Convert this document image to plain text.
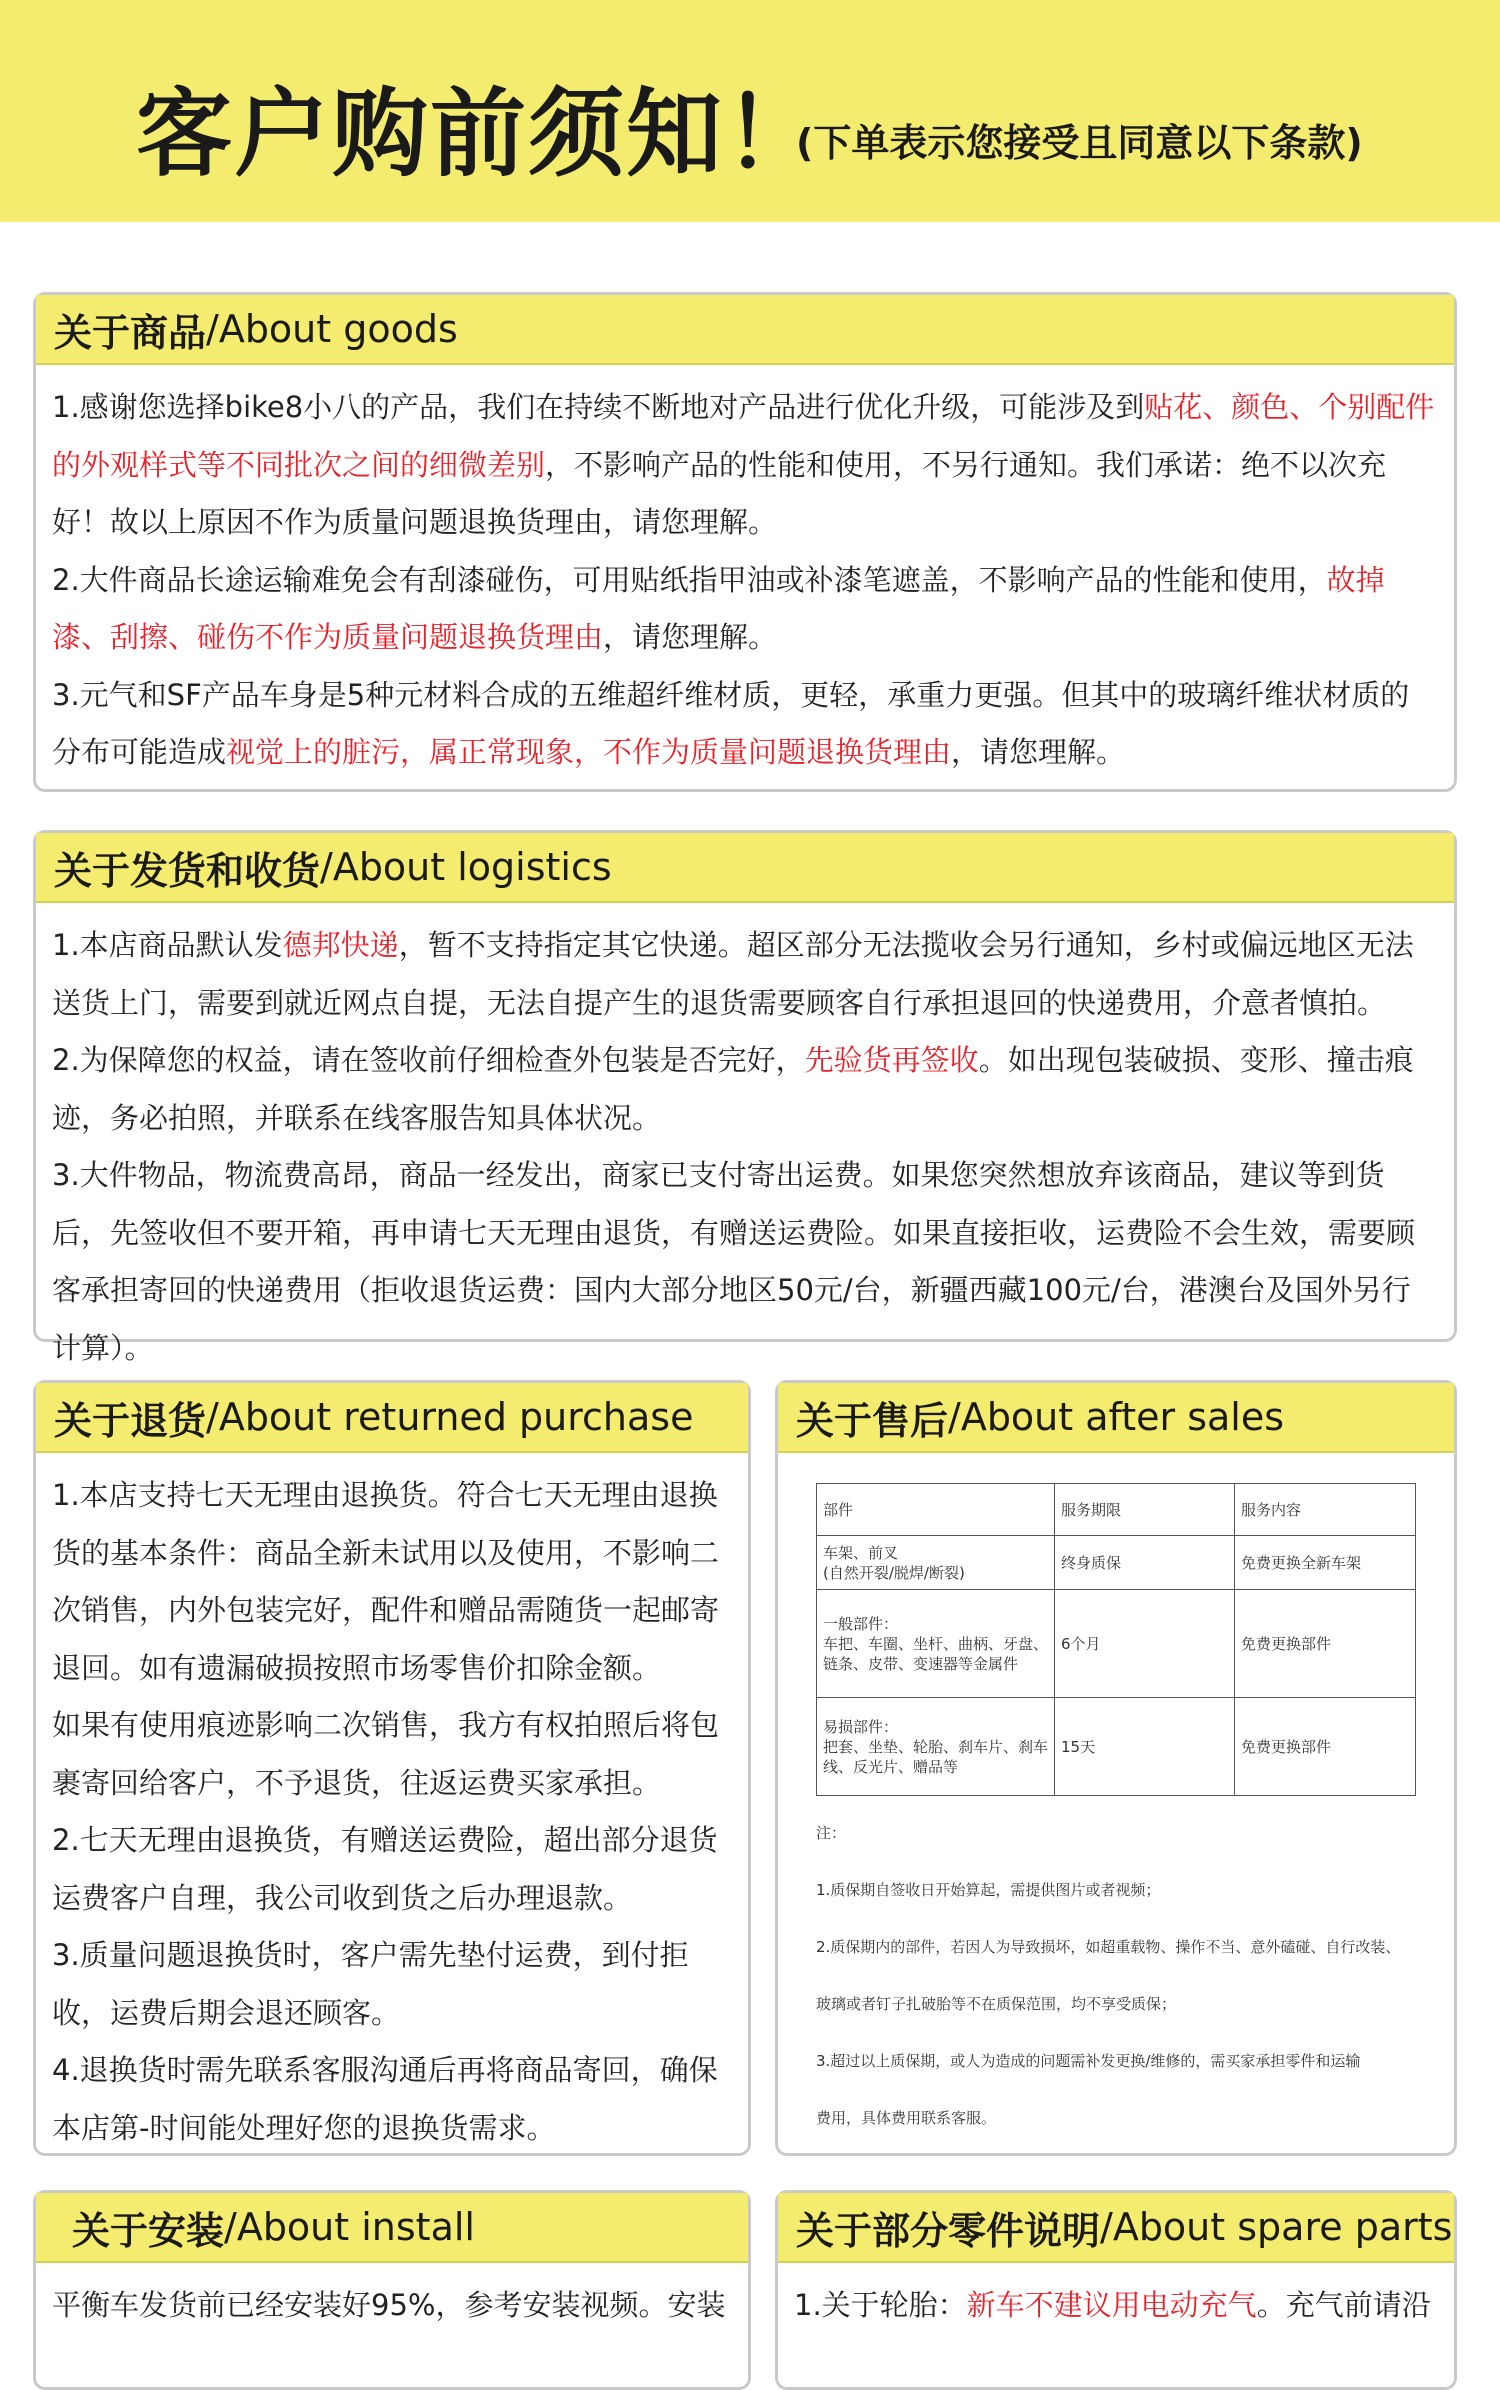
客户购前须知！
(下单表示您接受且同意以下条款)
关于商品 /About goods

1.感谢您选择bike8小八的产品，我们在持续不断地对产品进行优化升级，可能涉及到贴花、颜色、个别配件的外观样式等不同批次之间的细微差别，不影响产品的性能和使用，不另行通知。我们承诺：绝不以次充好！故以上原因不作为质量问题退换货理由，请您理解。

2.大件商品长途运输难免会有刮漆碰伤，可用贴纸指甲油或补漆笔遮盖，不影响产品的性能和使用，故掉漆、刮擦、碰伤不作为质量问题退换货理由，请您理解。

3.元气和SF产品车身是5种元材料合成的五维超纤维材质，更轻，承重力更强。但其中的玻璃纤维状材质的分布可能造成视觉上的脏污，属正常现象，不作为质量问题退换货理由，请您理解。

关于发货和收货 /About logistics

1.本店商品默认发德邦快递，暂不支持指定其它快递。超区部分无法揽收会另行通知，乡村或偏远地区无法送货上门，需要到就近网点自提，无法自提产生的退货需要顾客自行承担退回的快递费用，介意者慎拍。

2.为保障您的权益，请在签收前仔细检查外包装是否完好，先验货再签收。如出现包装破损、变形、撞击痕迹，务必拍照，并联系在线客服告知具体状况。

3.大件物品，物流费高昂，商品一经发出，商家已支付寄出运费。如果您突然想放弃该商品，建议等到货后，先签收但不要开箱，再申请七天无理由退货，有赠送运费险。如果直接拒收，运费险不会生效，需要顾客承担寄回的快递费用（拒收退货运费：国内大部分地区50元/台，新疆西藏100元/台，港澳台及国外另行计算）。

关于退货 /About returned purchase

1.本店支持七天无理由退换货。符合七天无理由退换货的基本条件：商品全新未试用以及使用，不影响二次销售，内外包装完好，配件和赠品需随货一起邮寄退回。如有遗漏破损按照市场零售价扣除金额。

如果有使用痕迹影响二次销售，我方有权拍照后将包裹寄回给客户，不予退货，往返运费买家承担。

2.七天无理由退换货，有赠送运费险，超出部分退货运费客户自理，我公司收到货之后办理退款。

3.质量问题退换货时，客户需先垫付运费，到付拒收，运费后期会退还顾客。

4.退换货时需先联系客服沟通后再将商品寄回，确保本店第-时间能处理好您的退换货需求。

关于售后 /About after sales
部件	服务期限	服务内容
车架、前叉
(自然开裂/脱焊/断裂)	终身质保	免费更换全新车架
一般部件：
车把、车圈、坐杆、曲柄、牙盘、链条、皮带、变速器等金属件	6个月	免费更换部件
易损部件：
把套、坐垫、轮胎、刹车片、刹车线、反光片、赠品等	15天	免费更换部件

注：

1.质保期自签收日开始算起，需提供图片或者视频；

2.质保期内的部件，若因人为导致损坏，如超重载物、操作不当、意外磕碰、自行改装、

玻璃或者钉子扎破胎等不在质保范围，均不享受质保；

3.超过以上质保期，或人为造成的问题需补发更换/维修的，需买家承担零件和运输

费用，具体费用联系客服。

关于安装 /About install

平衡车发货前已经安装好95%，参考安装视频。安装

关于部分零件说明 /About spare parts

1.关于轮胎：新车不建议用电动充气。充气前请沿
